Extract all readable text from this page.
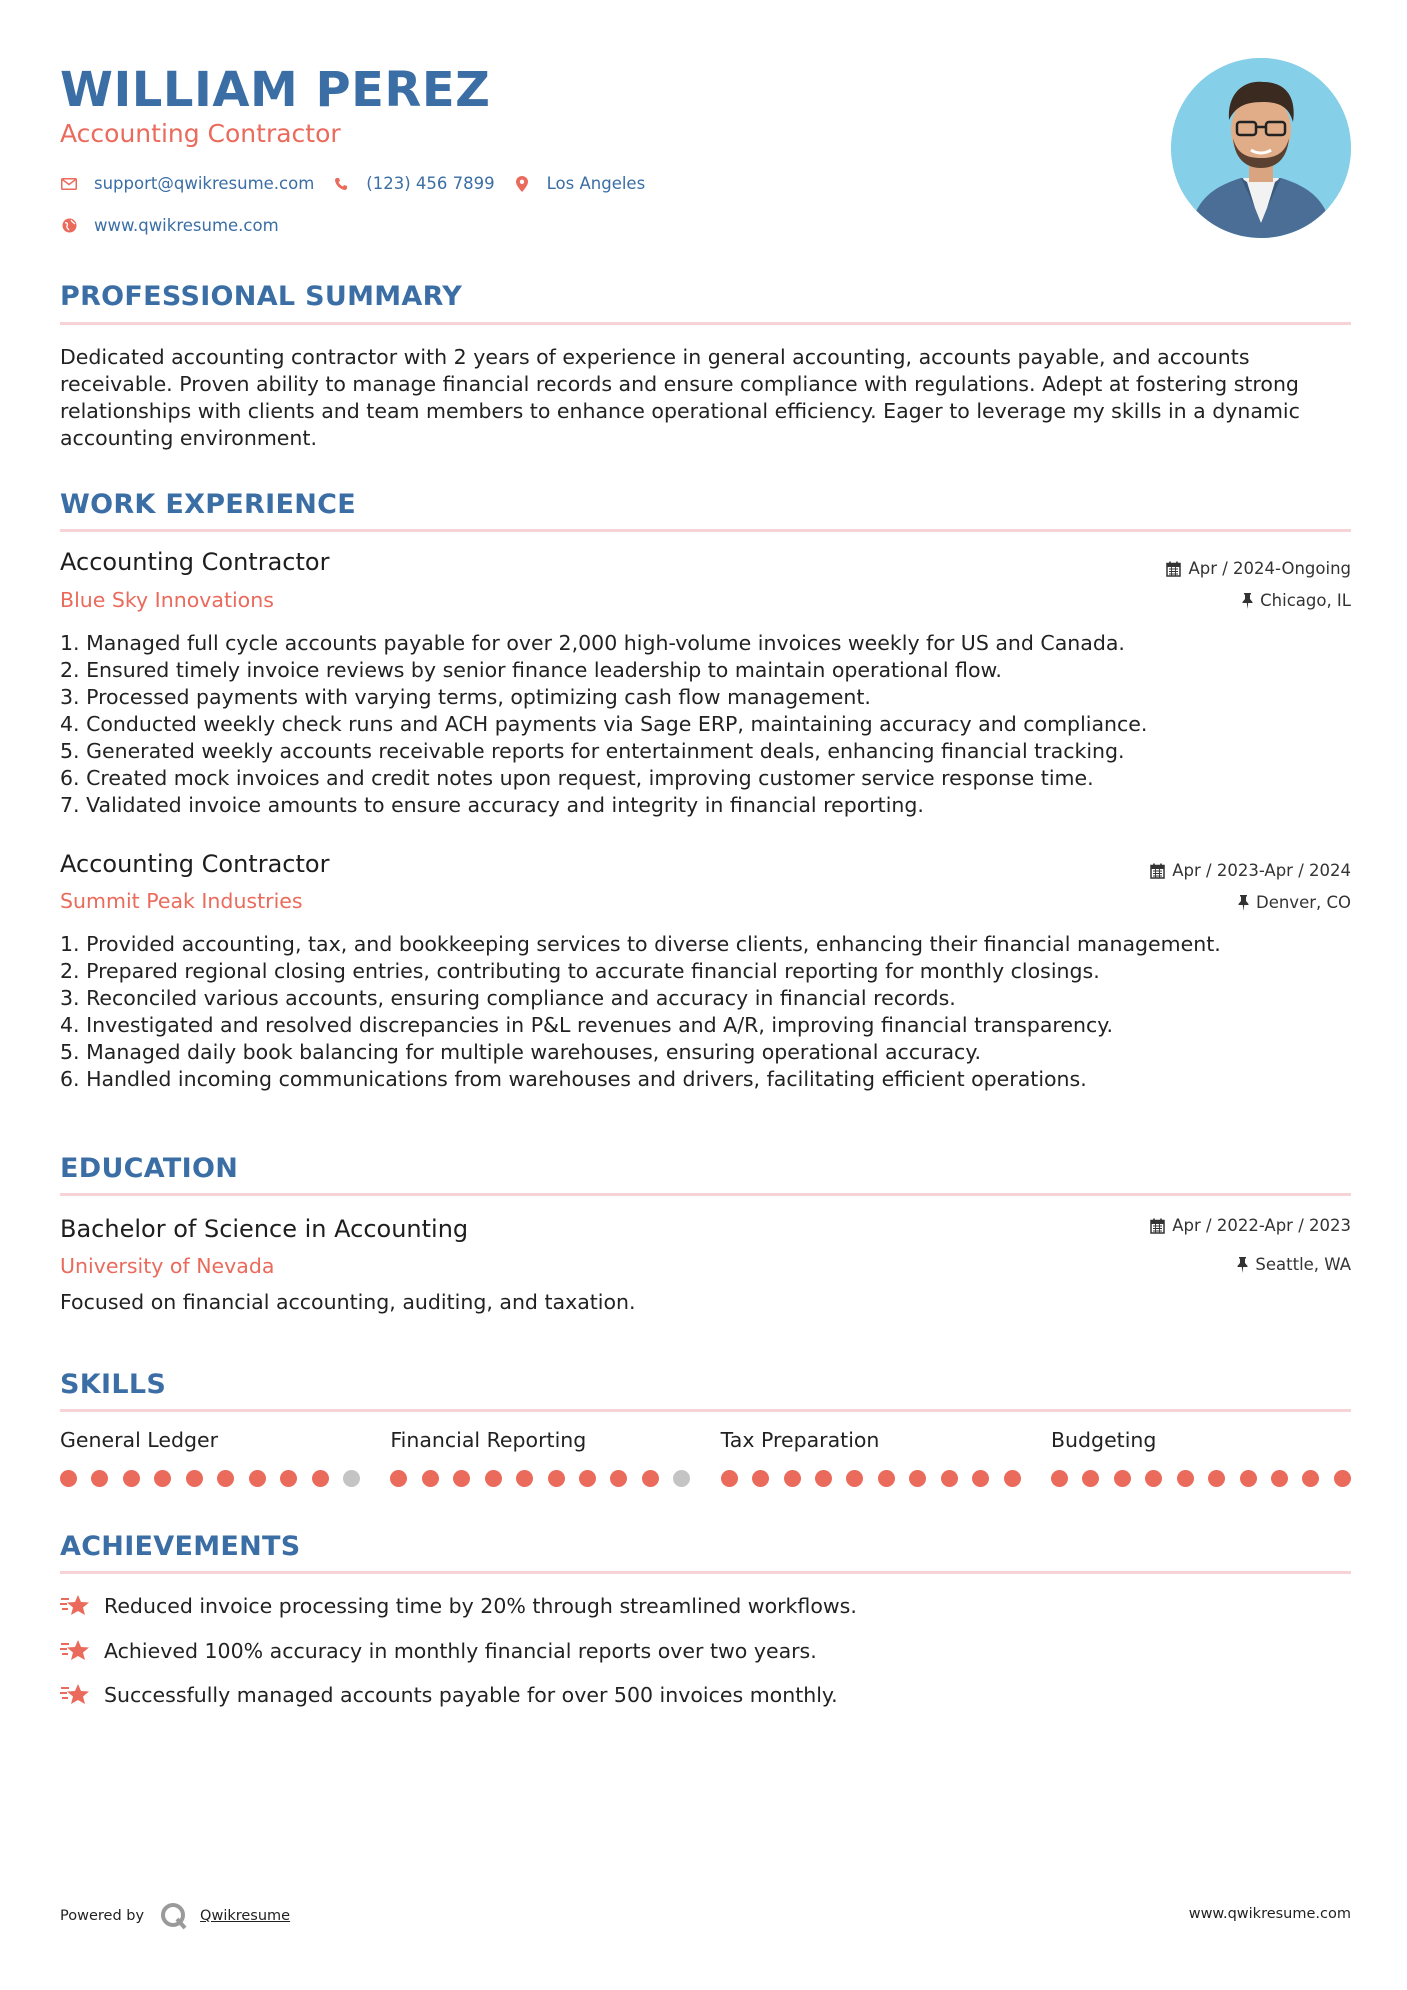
WILLIAM PEREZ
Accounting Contractor
support@qwikresume.com	(123) 456 7899	Los Angeles
www.qwikresume.com
PROFESSIONAL SUMMARY

Dedicated accounting contractor with 2 years of experience in general accounting, accounts payable, and accounts receivable. Proven ability to manage financial records and ensure compliance with regulations. Adept at fostering strong relationships with clients and team members to enhance operational efficiency. Eager to leverage my skills in a dynamic accounting environment.

WORK EXPERIENCE
Accounting Contractor
Blue Sky Innovations
Apr / 2024-Ongoing
Chicago, IL
1. Managed full cycle accounts payable for over 2,000 high-volume invoices weekly for US and Canada.
2. Ensured timely invoice reviews by senior finance leadership to maintain operational flow.
3. Processed payments with varying terms, optimizing cash flow management.
4. Conducted weekly check runs and ACH payments via Sage ERP, maintaining accuracy and compliance.
5. Generated weekly accounts receivable reports for entertainment deals, enhancing financial tracking.
6. Created mock invoices and credit notes upon request, improving customer service response time.
7. Validated invoice amounts to ensure accuracy and integrity in financial reporting.
Accounting Contractor
Summit Peak Industries
Apr / 2023-Apr / 2024
Denver, CO
1. Provided accounting, tax, and bookkeeping services to diverse clients, enhancing their financial management.
2. Prepared regional closing entries, contributing to accurate financial reporting for monthly closings.
3. Reconciled various accounts, ensuring compliance and accuracy in financial records.
4. Investigated and resolved discrepancies in P&L revenues and A/R, improving financial transparency.
5. Managed daily book balancing for multiple warehouses, ensuring operational accuracy.
6. Handled incoming communications from warehouses and drivers, facilitating efficient operations.
EDUCATION
Bachelor of Science in Accounting
University of Nevada
Apr / 2022-Apr / 2023
Seattle, WA

Focused on financial accounting, auditing, and taxation.

SKILLS
General Ledger	Financial Reporting	Tax Preparation	Budgeting
ACHIEVEMENTS
Reduced invoice processing time by 20% through streamlined workflows.
Achieved 100% accuracy in monthly financial reports over two years.
Successfully managed accounts payable for over 500 invoices monthly.
Powered by	Qwikresume	www.qwikresume.com
